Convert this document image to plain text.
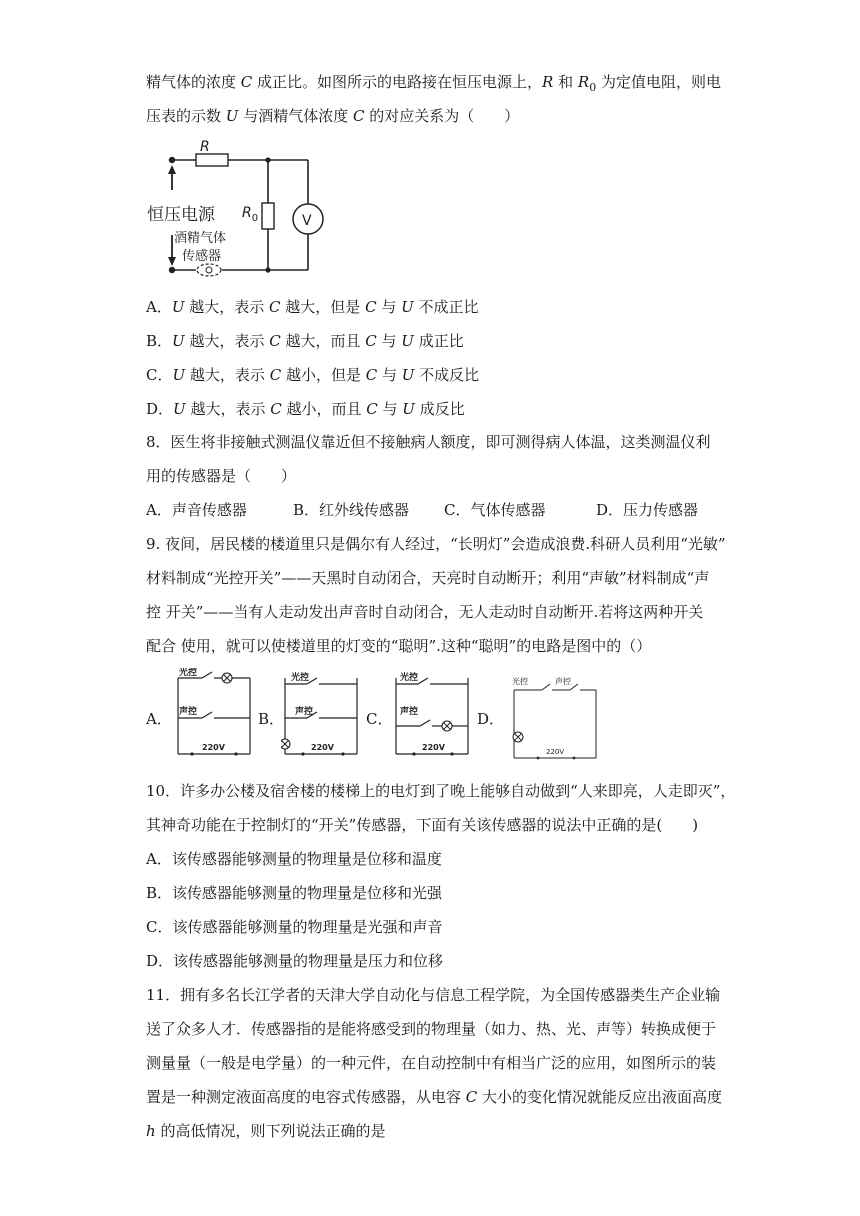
精气体的浓度 C 成正比。如图所示的电路接在恒压电源上，R 和 $R_0$ 为定值电阻，则电
压表的示数 U 与酒精气体浓度 C 的对应关系为（　　）
R
$R_0$	V
恒压电源
酒精气体
传感器
A．U 越大，表示 C 越大，但是 C 与 U 不成正比
B．U 越大，表示 C 越大，而且 C 与 U 成正比
C．U 越大，表示 C 越小，但是 C 与 U 不成反比
D．U 越大，表示 C 越小，而且 C 与 U 成反比
8．医生将非接触式测温仪靠近但不接触病人额度，即可测得病人体温，这类测温仪利
用的传感器是（　　）
A．声音传感器	B．红外线传感器 C．气体传感器	D．压力传感器
9. 夜间，居民楼的楼道里只是偶尔有人经过，“长明灯”会造成浪费.科研人员利用“光敏”
材料制成“光控开关”——天黑时自动闭合，天亮时自动断开；利用“声敏”材料制成“声
控 开关”——当有人走动发出声音时自动闭合，无人走动时自动断开.若将这两种开关
配合 使用，就可以使楼道里的灯变的“聪明”.这种“聪明”的电路是图中的（）
A．	B．	C．	D．
光控
声控
220V
光控
声控
220V
光控
声控
220V
光控	声控
220V
10．许多办公楼及宿舍楼的楼梯上的电灯到了晚上能够自动做到“人来即亮，人走即灭”，
其神奇功能在于控制灯的“开关”传感器，下面有关该传感器的说法中正确的是(　　)
A．该传感器能够测量的物理量是位移和温度
B．该传感器能够测量的物理量是位移和光强
C．该传感器能够测量的物理量是光强和声音
D．该传感器能够测量的物理量是压力和位移
11．拥有多名长江学者的天津大学自动化与信息工程学院，为全国传感器类生产企业输
送了众多人才．传感器指的是能将感受到的物理量（如力、热、光、声等）转换成便于
测量量（一般是电学量）的一种元件，在自动控制中有相当广泛的应用，如图所示的装
置是一种测定液面高度的电容式传感器，从电容 C 大小的变化情况就能反应出液面高度
h 的高低情况，则下列说法正确的是
